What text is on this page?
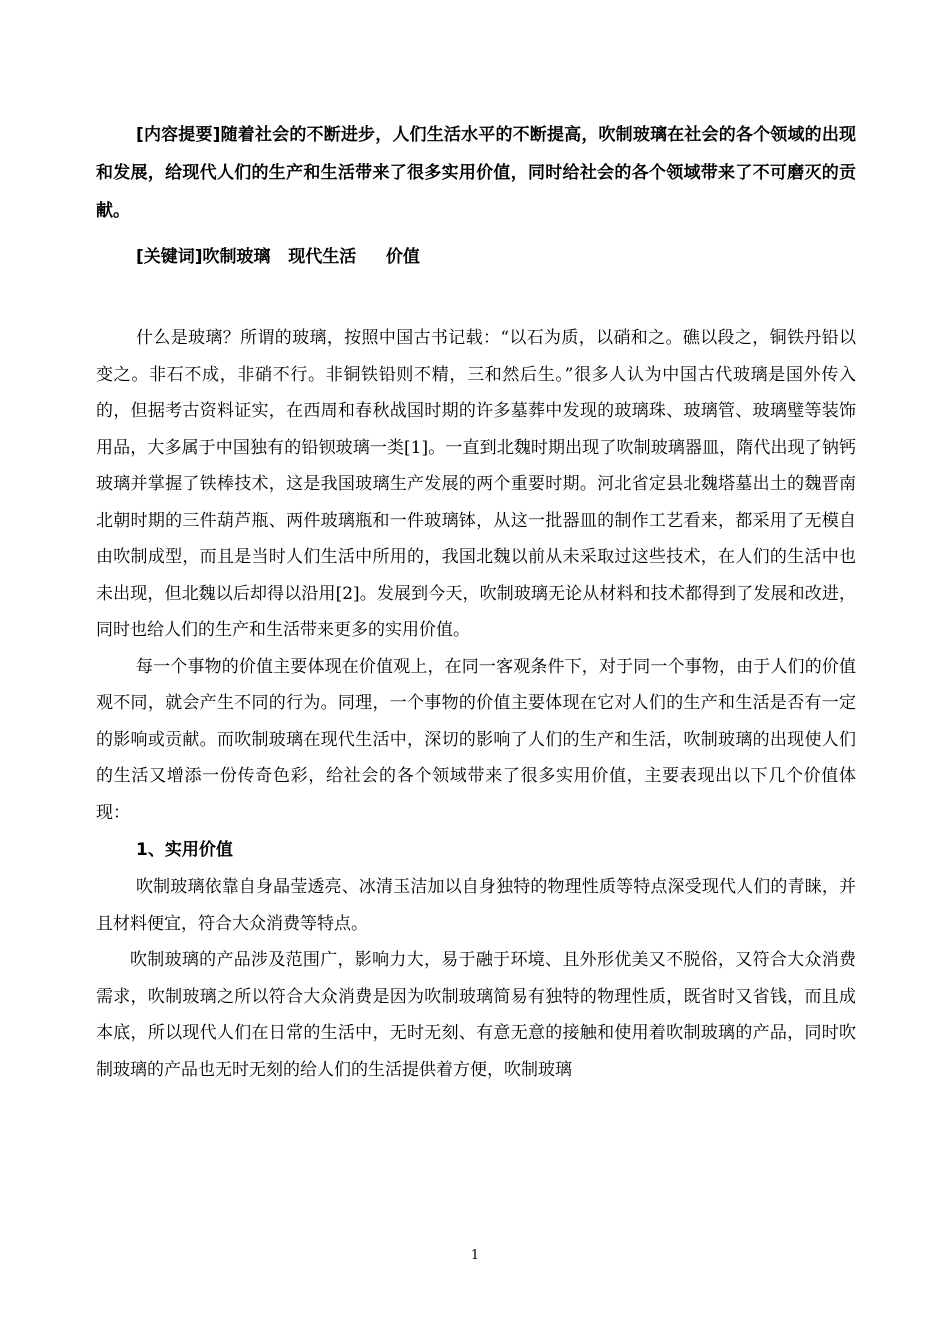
[内容提要]随着社会的不断进步，人们生活水平的不断提高，吹制玻璃在社会的各个领域的出现和发展，给现代人们的生产和生活带来了很多实用价值，同时给社会的各个领域带来了不可磨灭的贡献。
[关键词]吹制玻璃   现代生活     价值

什么是玻璃？所谓的玻璃，按照中国古书记载：“以石为质，以硝和之。礁以段之，铜铁丹铅以变之。非石不成，非硝不行。非铜铁铅则不精，三和然后生。”很多人认为中国古代玻璃是国外传入的，但据考古资料证实，在西周和春秋战国时期的许多墓葬中发现的玻璃珠、玻璃管、玻璃璧等装饰用品，大多属于中国独有的铅钡玻璃一类[1]。一直到北魏时期出现了吹制玻璃器皿，隋代出现了钠钙玻璃并掌握了铁棒技术，这是我国玻璃生产发展的两个重要时期。河北省定县北魏塔墓出土的魏晋南北朝时期的三件葫芦瓶、两件玻璃瓶和一件玻璃钵，从这一批器皿的制作工艺看来，都采用了无模自由吹制成型，而且是当时人们生活中所用的，我国北魏以前从未采取过这些技术，在人们的生活中也未出现，但北魏以后却得以沿用[2]。发展到今天，吹制玻璃无论从材料和技术都得到了发展和改进，同时也给人们的生产和生活带来更多的实用价值。

每一个事物的价值主要体现在价值观上，在同一客观条件下，对于同一个事物，由于人们的价值观不同，就会产生不同的行为。同理，一个事物的价值主要体现在它对人们的生产和生活是否有一定的影响或贡献。而吹制玻璃在现代生活中，深切的影响了人们的生产和生活，吹制玻璃的出现使人们的生活又增添一份传奇色彩，给社会的各个领域带来了很多实用价值，主要表现出以下几个价值体现：

1、实用价值

吹制玻璃依靠自身晶莹透亮、冰清玉洁加以自身独特的物理性质等特点深受现代人们的青睐，并且材料便宜，符合大众消费等特点。

吹制玻璃的产品涉及范围广，影响力大，易于融于环境、且外形优美又不脱俗，又符合大众消费需求，吹制玻璃之所以符合大众消费是因为吹制玻璃简易有独特的物理性质，既省时又省钱，而且成本底，所以现代人们在日常的生活中，无时无刻、有意无意的接触和使用着吹制玻璃的产品，同时吹制玻璃的产品也无时无刻的给人们的生活提供着方便，吹制玻璃

1
